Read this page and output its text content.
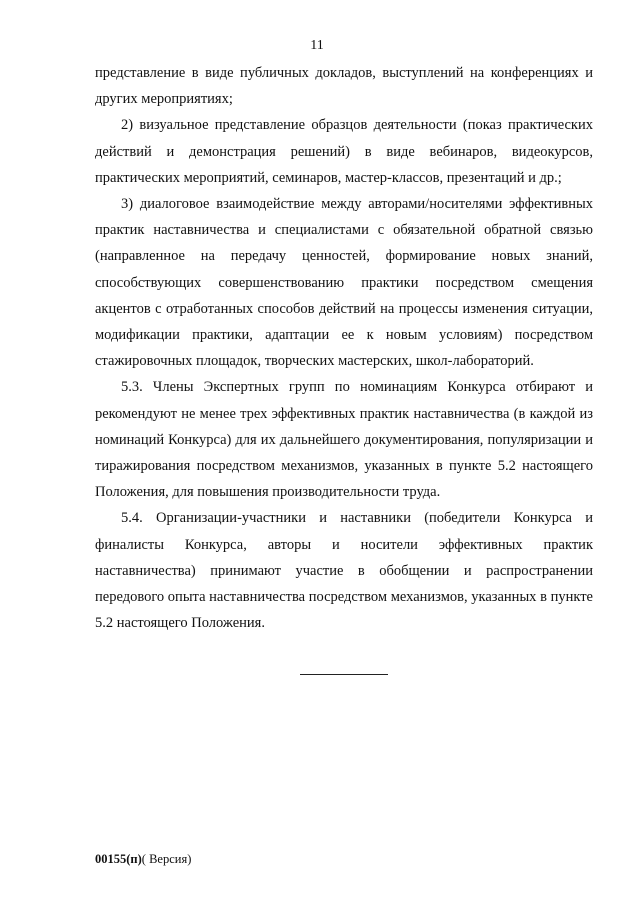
11

представление в виде публичных докладов, выступлений на конференциях и других мероприятиях;

2) визуальное представление образцов деятельности (показ практических действий и демонстрация решений) в виде вебинаров, видеокурсов, практических мероприятий, семинаров, мастер-классов, презентаций и др.;

3) диалоговое взаимодействие между авторами/носителями эффективных практик наставничества и специалистами с обязательной обратной связью (направленное на передачу ценностей, формирование новых знаний, способствующих совершенствованию практики посредством смещения акцентов с отработанных способов действий на процессы изменения ситуации, модификации практики, адаптации ее к новым условиям) посредством стажировочных площадок, творческих мастерских, школ-лабораторий.

5.3. Члены Экспертных групп по номинациям Конкурса отбирают и рекомендуют не менее трех эффективных практик наставничества (в каждой из номинаций Конкурса) для их дальнейшего документирования, популяризации и тиражирования посредством механизмов, указанных в пункте 5.2 настоящего Положения, для повышения производительности труда.

5.4. Организации-участники и наставники (победители Конкурса и финалисты Конкурса, авторы и носители эффективных практик наставничества) принимают участие в обобщении и распространении передового опыта наставничества посредством механизмов, указанных в пункте 5.2 настоящего Положения.

00155(п)( Версия)
